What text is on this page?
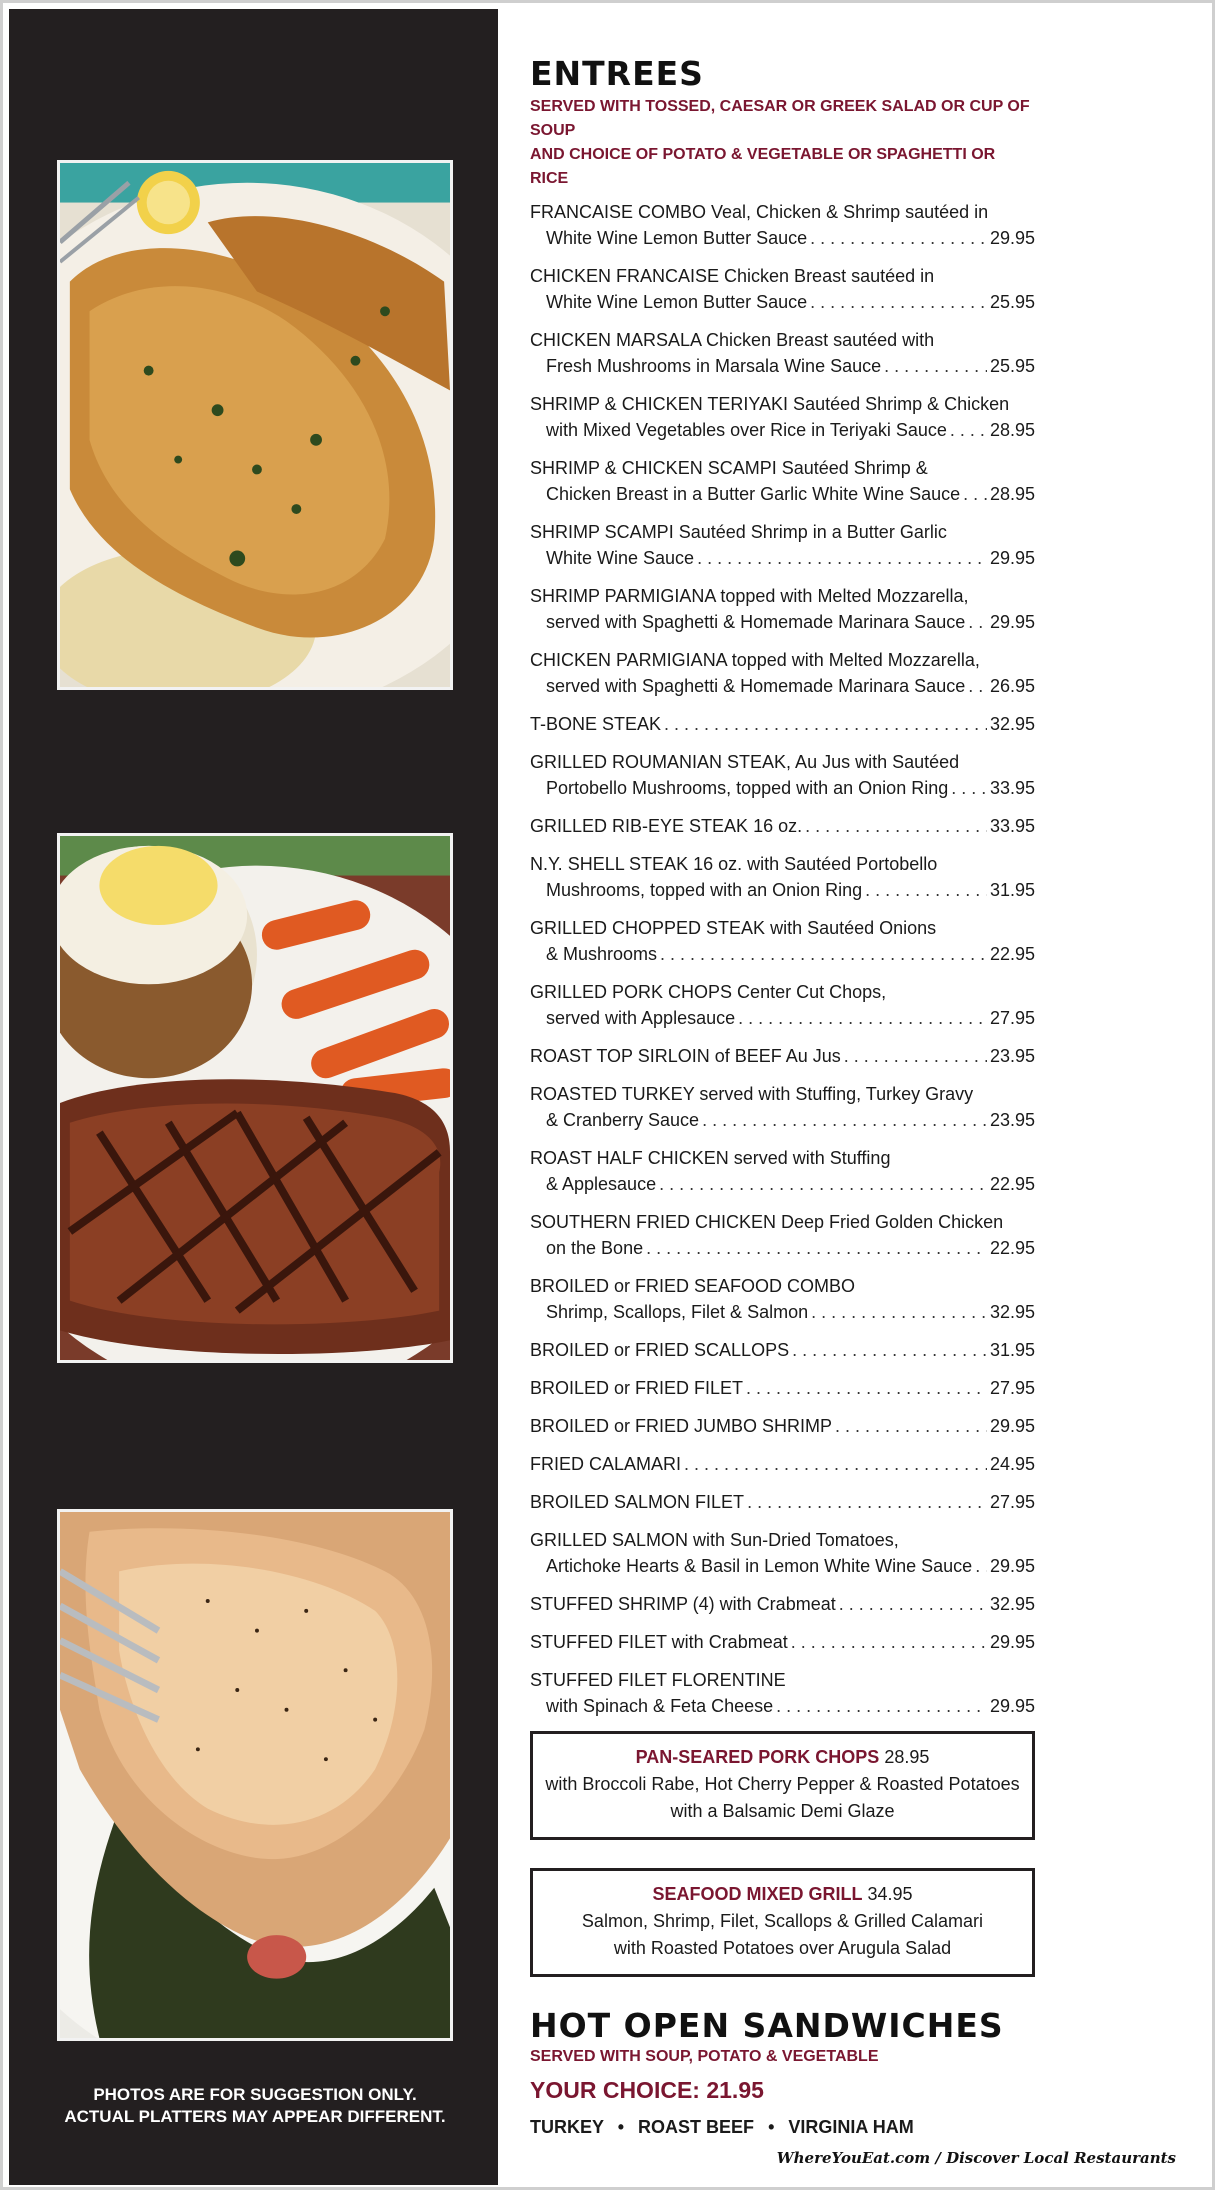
PHOTOS ARE FOR SUGGESTION ONLY.
ACTUAL PLATTERS MAY APPEAR DIFFERENT.
ENTREES
SERVED WITH TOSSED, CAESAR OR GREEK SALAD OR CUP OF SOUP
AND CHOICE OF POTATO & VEGETABLE OR SPAGHETTI OR RICE
FRANCAISE COMBO Veal, Chicken & Shrimp sautéed in
White Wine Lemon Butter Sauce . . .	29.95
CHICKEN FRANCAISE Chicken Breast sautéed in
White Wine Lemon Butter Sauce . . .	25.95
CHICKEN MARSALA Chicken Breast sautéed with
Fresh Mushrooms in Marsala Wine Sauce . . .	25.95
SHRIMP & CHICKEN TERIYAKI Sautéed Shrimp & Chicken
with Mixed Vegetables over Rice in Teriyaki Sauce . . . 28.95
SHRIMP & CHICKEN SCAMPI Sautéed Shrimp &
Chicken Breast in a Butter Garlic White Wine Sauce . . . 28.95
SHRIMP SCAMPI Sautéed Shrimp in a Butter Garlic
White Wine Sauce . . .	29.95
SHRIMP PARMIGIANA topped with Melted Mozzarella,
served with Spaghetti & Homemade Marinara Sauce . . . 29.95
CHICKEN PARMIGIANA topped with Melted Mozzarella,
served with Spaghetti & Homemade Marinara Sauce . . . 26.95
T-BONE STEAK . . .	32.95
GRILLED ROUMANIAN STEAK, Au Jus with Sautéed
Portobello Mushrooms, topped with an Onion Ring . . . 33.95
GRILLED RIB-EYE STEAK 16 oz. . . .	33.95
N.Y. SHELL STEAK 16 oz. with Sautéed Portobello
Mushrooms, topped with an Onion Ring . . .	31.95
GRILLED CHOPPED STEAK with Sautéed Onions
& Mushrooms . . .	22.95
GRILLED PORK CHOPS Center Cut Chops,
served with Applesauce . . .	27.95
ROAST TOP SIRLOIN of BEEF Au Jus . . .	23.95
ROASTED TURKEY served with Stuffing, Turkey Gravy
& Cranberry Sauce . . .	23.95
ROAST HALF CHICKEN served with Stuffing
& Applesauce . . .	22.95
SOUTHERN FRIED CHICKEN Deep Fried Golden Chicken
on the Bone . . .	22.95
BROILED or FRIED SEAFOOD COMBO
Shrimp, Scallops, Filet & Salmon . . .	32.95
BROILED or FRIED SCALLOPS . . .	31.95
BROILED or FRIED FILET . . .	27.95
BROILED or FRIED JUMBO SHRIMP . . .	29.95
FRIED CALAMARI . . .	24.95
BROILED SALMON FILET . . .	27.95
GRILLED SALMON with Sun-Dried Tomatoes,
Artichoke Hearts & Basil in Lemon White Wine Sauce . . . 29.95
STUFFED SHRIMP (4) with Crabmeat . . .	32.95
STUFFED FILET with Crabmeat . . .	29.95
STUFFED FILET FLORENTINE
with Spinach & Feta Cheese . . .	29.95
PAN-SEARED PORK CHOPS 28.95
with Broccoli Rabe, Hot Cherry Pepper & Roasted Potatoes
with a Balsamic Demi Glaze
SEAFOOD MIXED GRILL 34.95
Salmon, Shrimp, Filet, Scallops & Grilled Calamari
with Roasted Potatoes over Arugula Salad
HOT OPEN SANDWICHES
SERVED WITH SOUP, POTATO & VEGETABLE
YOUR CHOICE: 21.95
TURKEY • ROAST BEEF • VIRGINIA HAM
WhereYouEat.com / Discover Local Restaurants
